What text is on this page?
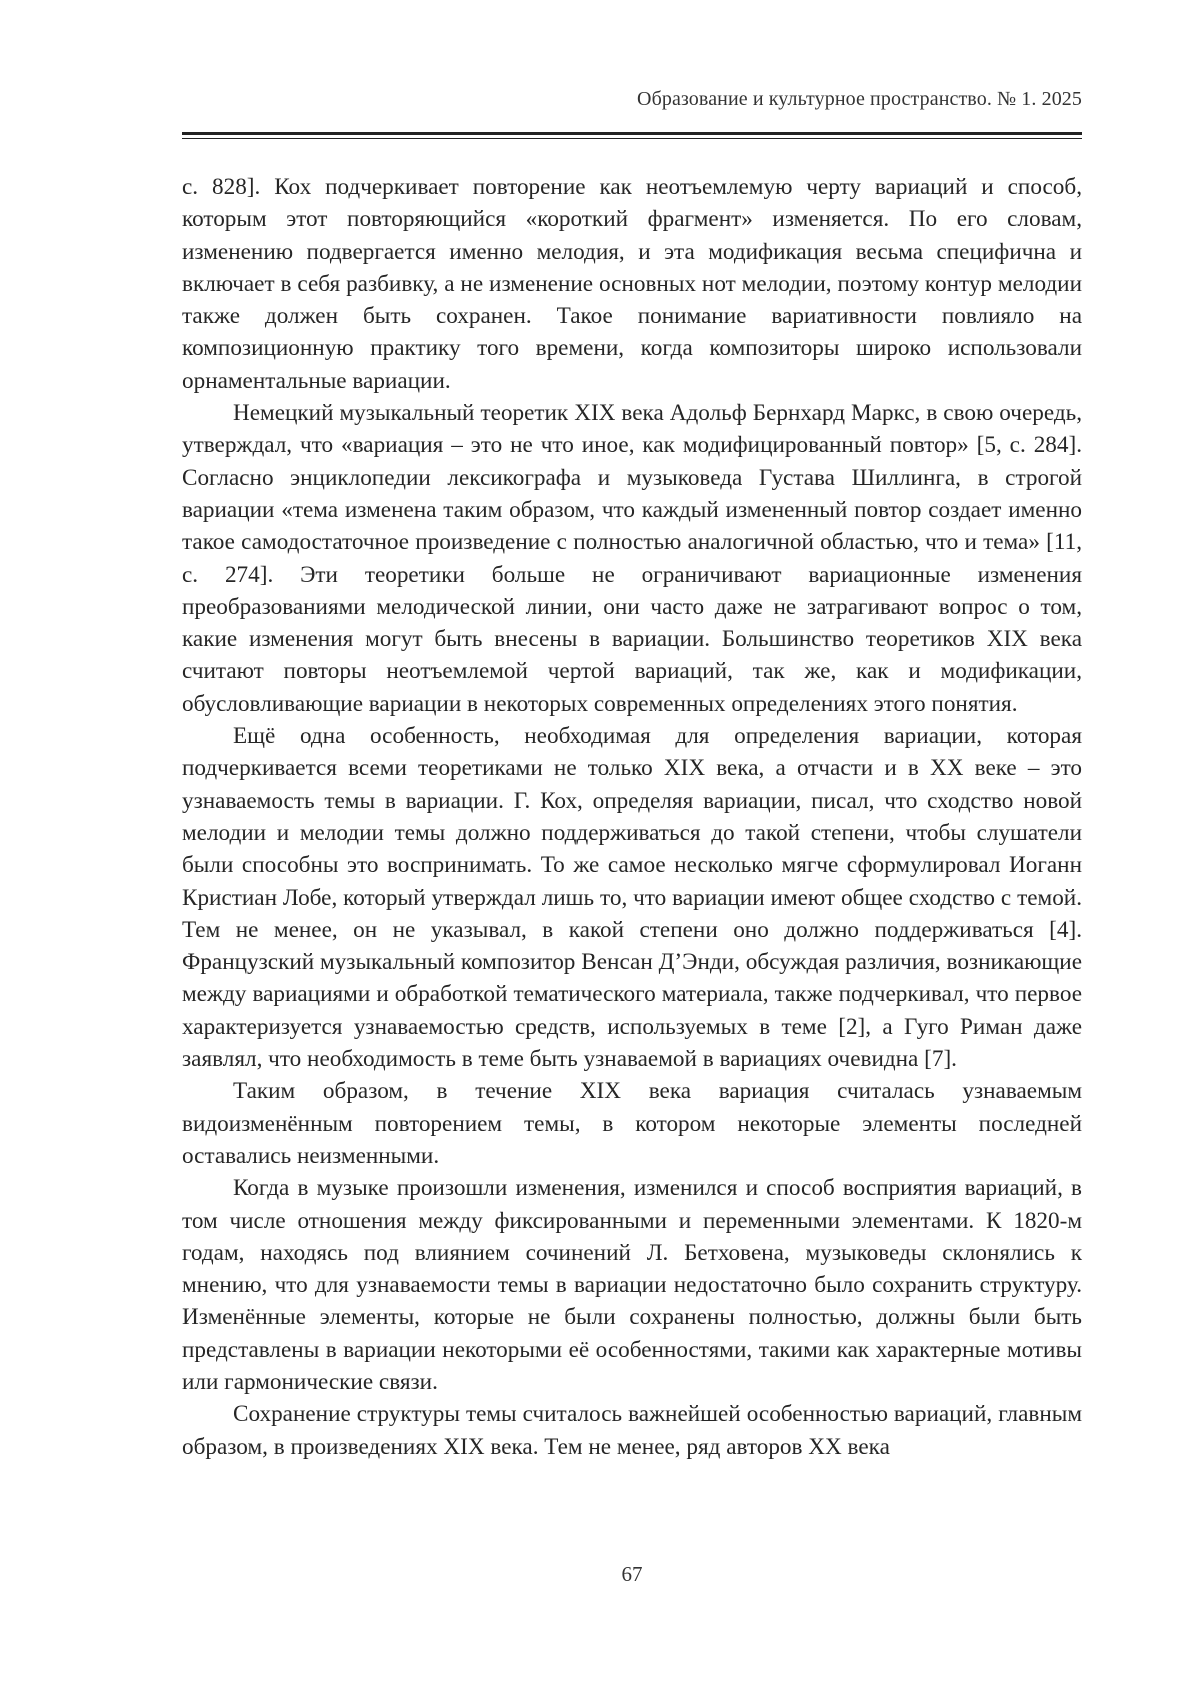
Образование и культурное пространство. № 1. 2025

с. 828]. Кох подчеркивает повторение как неотъемлемую черту вариаций и способ, которым этот повторяющийся «короткий фрагмент» изменяется. По его словам, изменению подвергается именно мелодия, и эта модификация весьма специфична и включает в себя разбивку, а не изменение основных нот мелодии, поэтому контур мелодии также должен быть сохранен. Такое понимание вариативности повлияло на композиционную практику того времени, когда композиторы широко использовали орнаментальные вариации.

Немецкий музыкальный теоретик XIX века Адольф Бернхард Маркс, в свою очередь, утверждал, что «вариация – это не что иное, как модифицированный повтор» [5, с. 284]. Согласно энциклопедии лексикографа и музыковеда Густава Шиллинга, в строгой вариации «тема изменена таким образом, что каждый измененный повтор создает именно такое самодостаточное произведение с полностью аналогичной областью, что и тема» [11, с. 274]. Эти теоретики больше не ограничивают вариационные изменения преобразованиями мелодической линии, они часто даже не затрагивают вопрос о том, какие изменения могут быть внесены в вариации. Большинство теоретиков XIX века считают повторы неотъемлемой чертой вариаций, так же, как и модификации, обусловливающие вариации в некоторых современных определениях этого понятия.

Ещё одна особенность, необходимая для определения вариации, которая подчеркивается всеми теоретиками не только XIX века, а отчасти и в XX веке – это узнаваемость темы в вариации. Г. Кох, определяя вариации, писал, что сходство новой мелодии и мелодии темы должно поддерживаться до такой степени, чтобы слушатели были способны это воспринимать. То же самое несколько мягче сформулировал Иоганн Кристиан Лобе, который утверждал лишь то, что вариации имеют общее сходство с темой. Тем не менее, он не указывал, в какой степени оно должно поддерживаться [4]. Французский музыкальный композитор Венсан Д’Энди, обсуждая различия, возникающие между вариациями и обработкой тематического материала, также подчеркивал, что первое характеризуется узнаваемостью средств, используемых в теме [2], а Гуго Риман даже заявлял, что необходимость в теме быть узнаваемой в вариациях очевидна [7].

Таким образом, в течение XIX века вариация считалась узнаваемым видоизменённым повторением темы, в котором некоторые элементы последней оставались неизменными.

Когда в музыке произошли изменения, изменился и способ восприятия вариаций, в том числе отношения между фиксированными и переменными элементами. К 1820-м годам, находясь под влиянием сочинений Л. Бетховена, музыковеды склонялись к мнению, что для узнаваемости темы в вариации недостаточно было сохранить структуру. Изменённые элементы, которые не были сохранены полностью, должны были быть представлены в вариации некоторыми её особенностями, такими как характерные мотивы или гармонические связи.

Сохранение структуры темы считалось важнейшей особенностью вариаций, главным образом, в произведениях XIX века. Тем не менее, ряд авторов XX века

67
